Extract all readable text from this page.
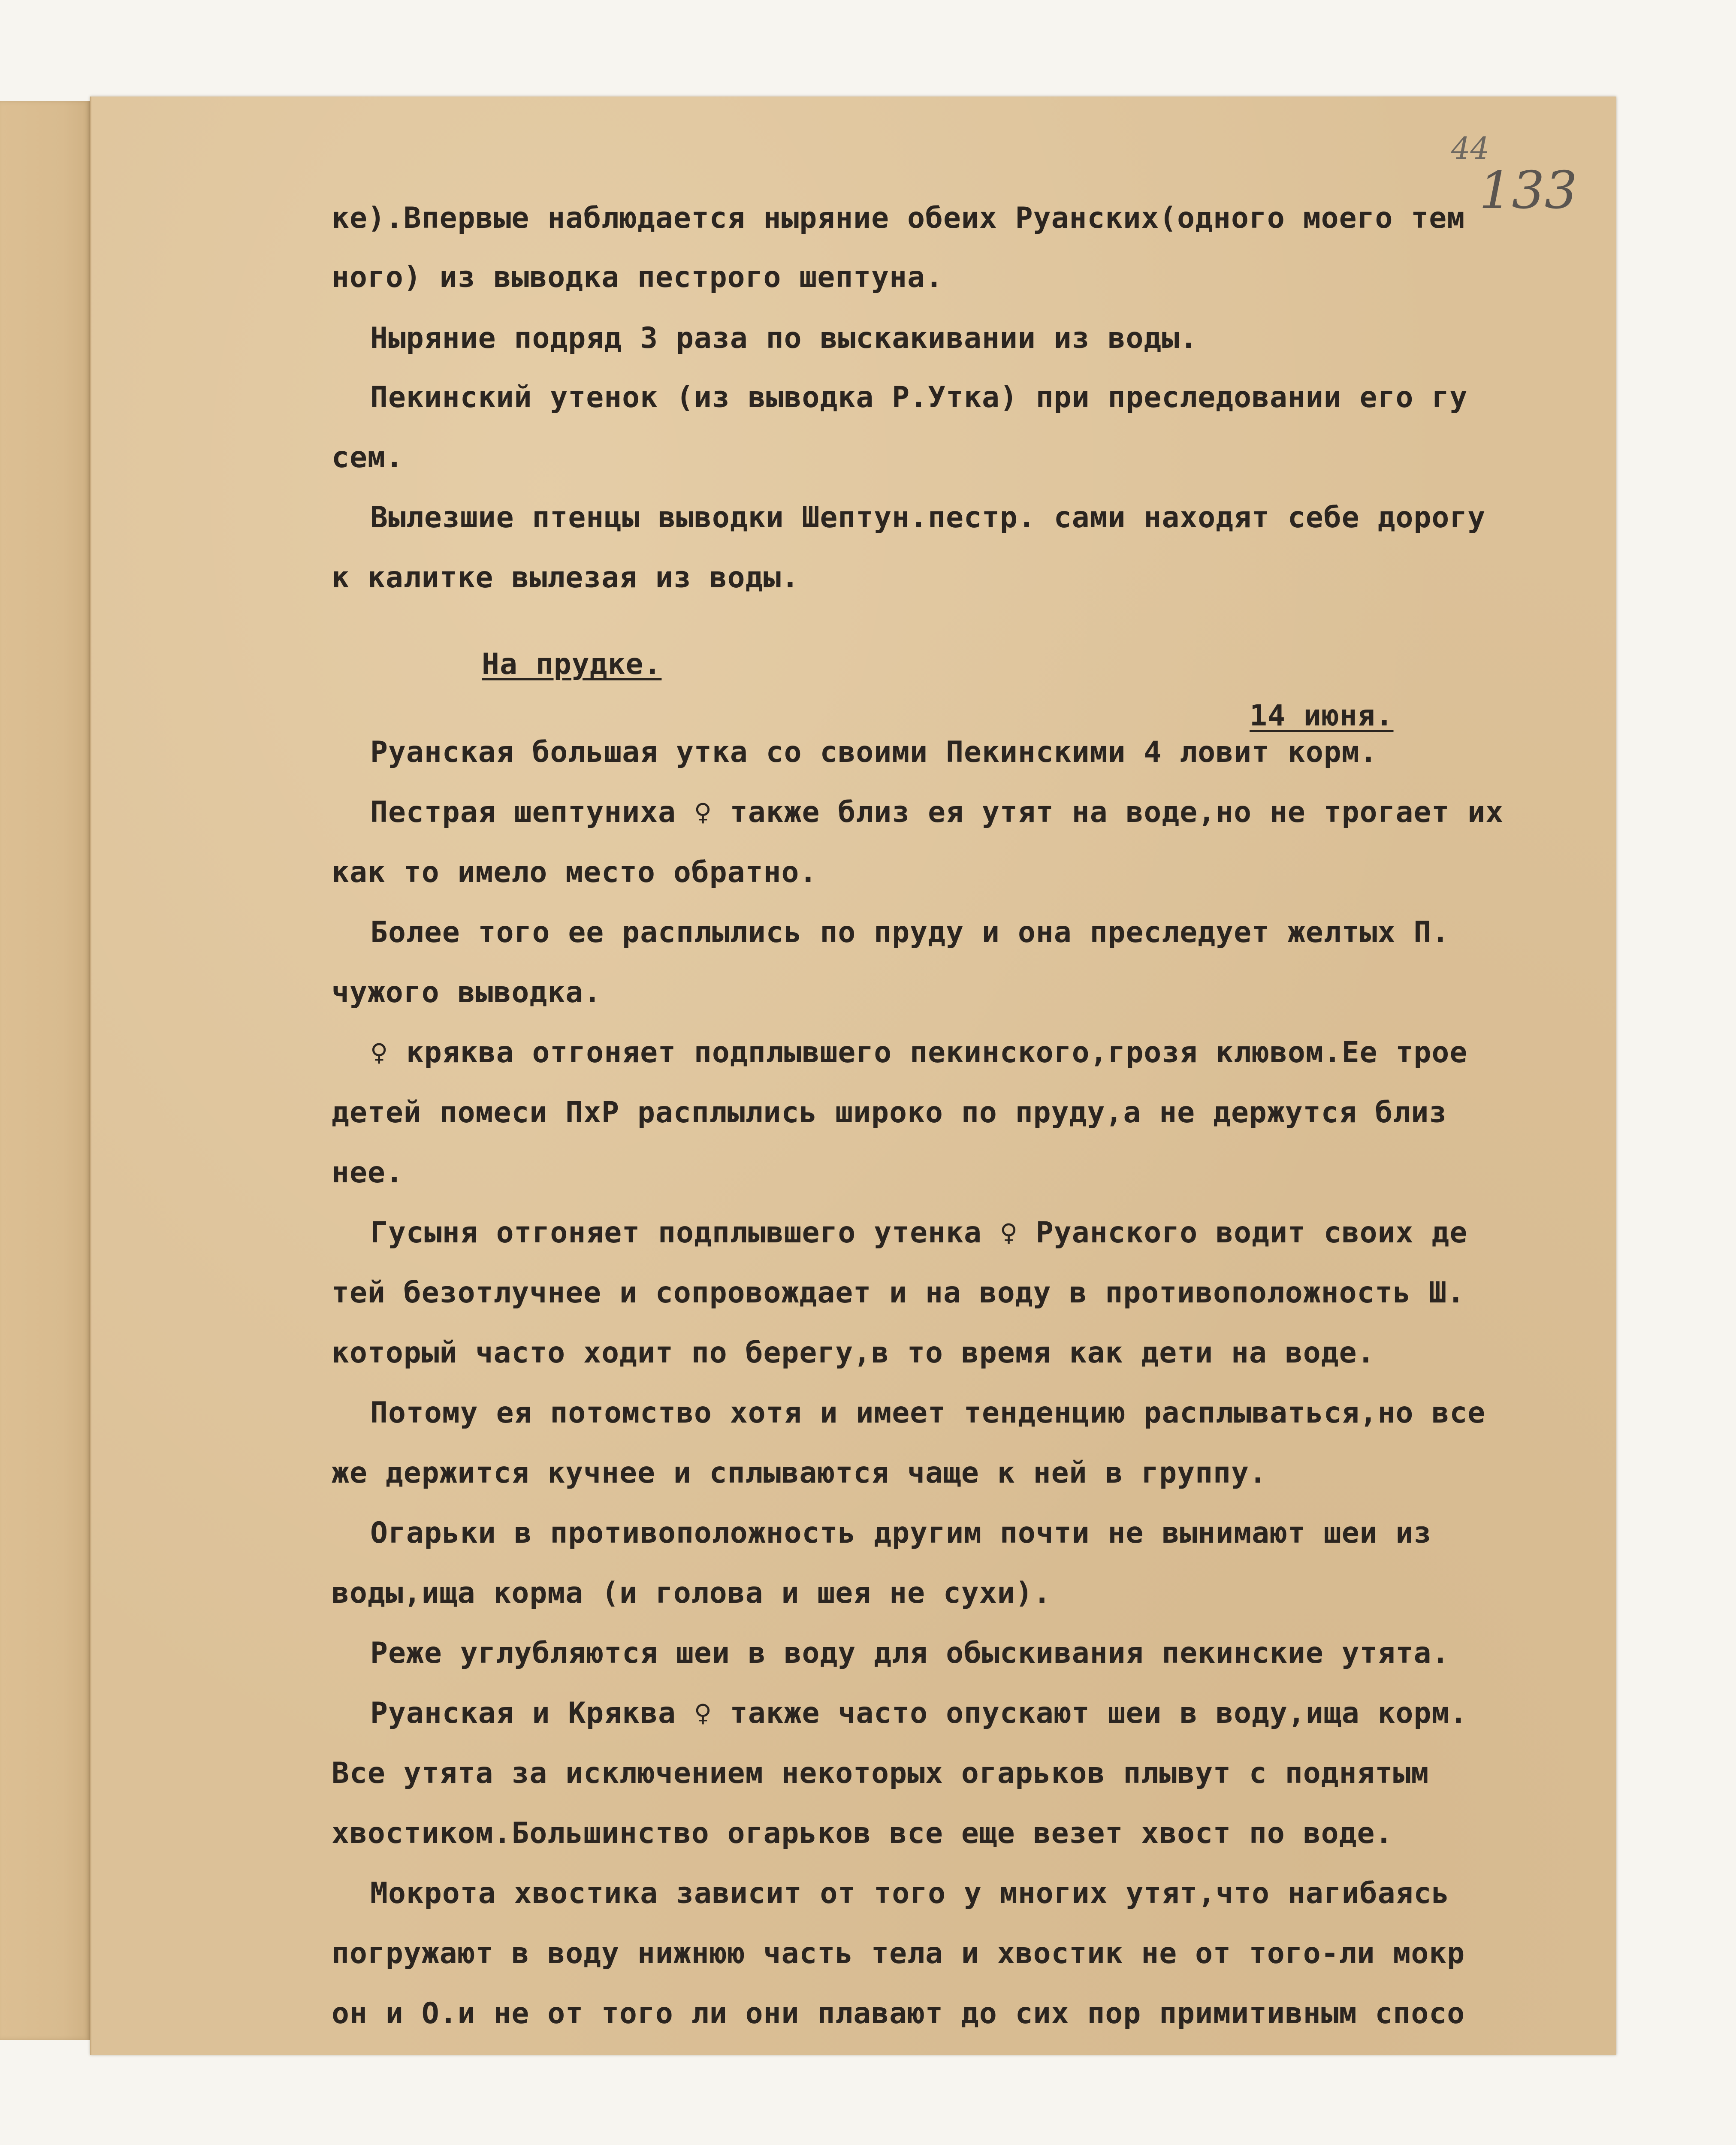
44
133
ке).Впервые наблюдается ныряние обеих Руанских(одного моего тем
ного) из выводка пестрого шептуна.
Ныряние подряд 3 раза по выскакивании из воды.
Пекинский утенок (из выводка Р.Утка) при преследовании его гу
сем.
Вылезшие птенцы выводки Шептун.пестр. сами находят себе дорогу
к калитке вылезая из воды.
На прудке.
14 июня.
Руанская большая утка со своими Пекинскими 4 ловит корм.
Пестрая шептуниха ♀ также близ ея утят на воде,но не трогает их
как то имело место обратно.
Более того ее расплылись по пруду и она преследует желтых П.
чужого выводка.
♀ кряква отгоняет подплывшего пекинского,грозя клювом.Ее трое
детей помеси ПхР расплылись широко по пруду,а не держутся близ
нее.
Гусыня отгоняет подплывшего утенка ♀ Руанского водит своих де
тей безотлучнее и сопровождает и на воду в противоположность Ш.
который часто ходит по берегу,в то время как дети на воде.
Потому ея потомство хотя и имеет тенденцию расплываться,но все
же держится кучнее и сплываются чаще к ней в группу.
Огарьки в противоположность другим почти не вынимают шеи из
воды,ища корма (и голова и шея не сухи).
Реже углубляются шеи в воду для обыскивания пекинские утята.
Руанская и Кряква ♀ также часто опускают шеи в воду,ища корм.
Все утята за исключением некоторых огарьков плывут с поднятым
хвостиком.Большинство огарьков все еще везет хвост по воде.
Мокрота хвостика зависит от того у многих утят,что нагибаясь
погружают в воду нижнюю часть тела и хвостик не от того-ли мокр
он и О.и не от того ли они плавают до сих пор примитивным спосо
